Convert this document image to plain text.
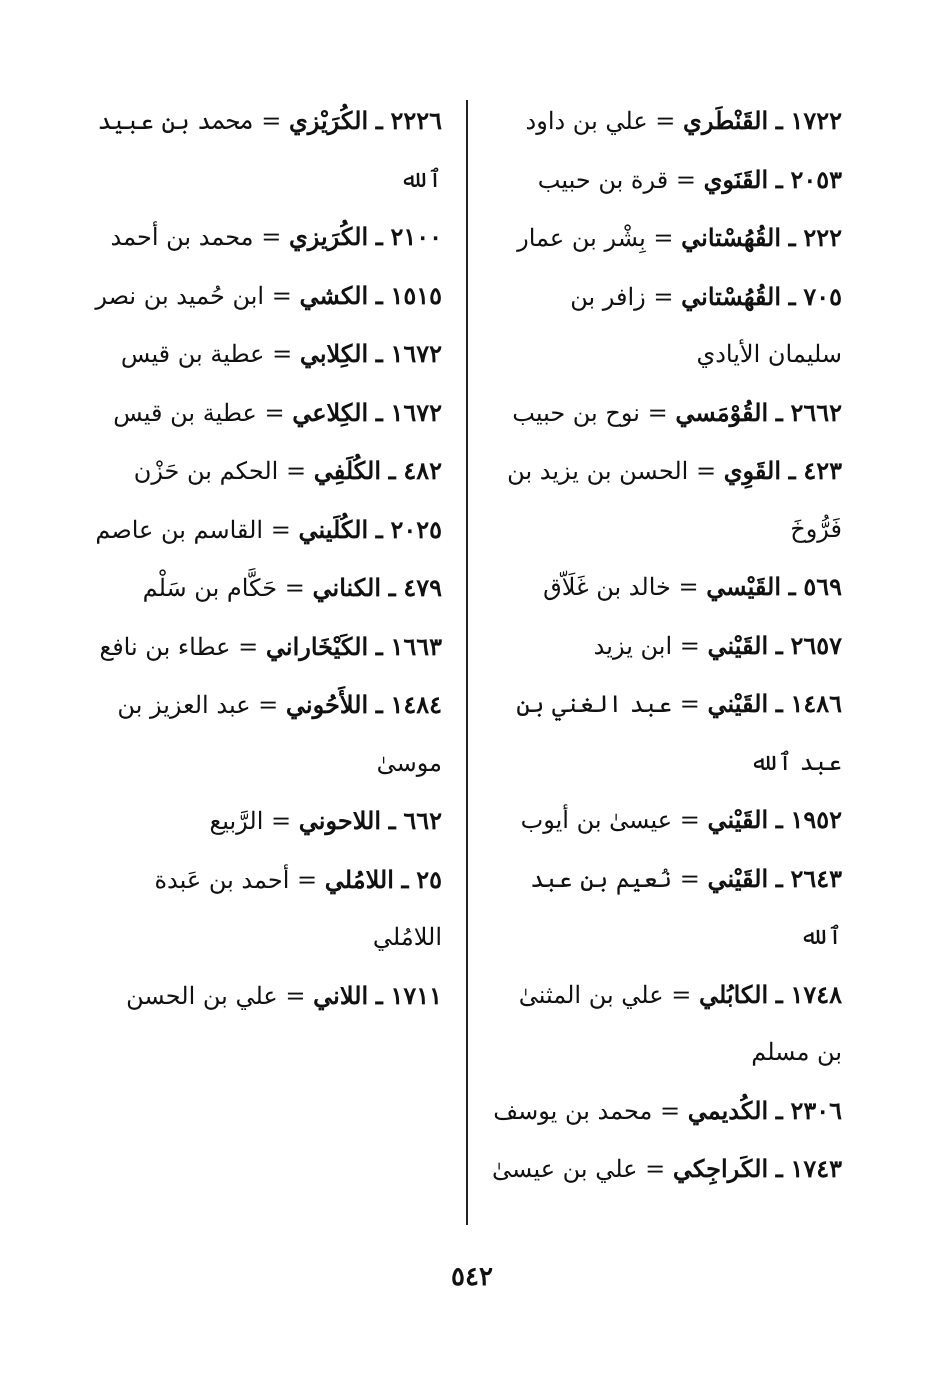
١٧٢٢ ـ القَنْطَري = علي بن داود

٢٠٥٣ ـ القَنَوي = قرة بن حبيب

٢٢٢ ـ القُهُسْتاني = بِشْر بن عمار

٧٠٥ ـ القُهُسْتاني = زافر بن سليمان الأيادي

٢٦٦٢ ـ القُوْمَسي = نوح بن حبيب

٤٢٣ ـ القَوِي = الحسن بن يزيد بن فَرُّوخَ

٥٦٩ ـ القَيْسي = خالد بن غَلَاّق

٢٦٥٧ ـ القَيْني = ابن يزيد

١٤٨٦ ـ القَيْني = عبد الغني بن عبد ٱلله

١٩٥٢ ـ القَيْني = عيسىٰ بن أيوب

٢٦٤٣ ـ القَيْني = نُعيم بن عبد ٱلله

١٧٤٨ ـ الكابُلي = علي بن المثنىٰ بن مسلم

٢٣٠٦ ـ الكُديمي = محمد بن يوسف

١٧٤٣ ـ الكَراجِكي = علي بن عيسىٰ

٢٢٢٦ ـ الكُرَيْزي = محمد بن عبيد ٱلله

٢١٠٠ ـ الكُرَيزي = محمد بن أحمد

١٥١٥ ـ الكشي = ابن حُميد بن نصر

١٦٧٢ ـ الكِلابي = عطية بن قيس

١٦٧٢ ـ الكِلاعي = عطية بن قيس

٤٨٢ ـ الكُلَفِي = الحكم بن حَزْن

٢٠٢٥ ـ الكُلَيني = القاسم بن عاصم

٤٧٩ ـ الكناني = حَكَّام بن سَلْم

١٦٦٣ ـ الكَيْخَاراني = عطاء بن نافع

١٤٨٤ ـ اللأَحُوني = عبد العزيز بن موسىٰ

٦٦٢ ـ اللاحوني = الرَّبيع

٢٥ ـ اللامُلي = أحمد بن عَبدة اللامُلي

١٧١١ ـ اللاني = علي بن الحسن

٥٤٢
